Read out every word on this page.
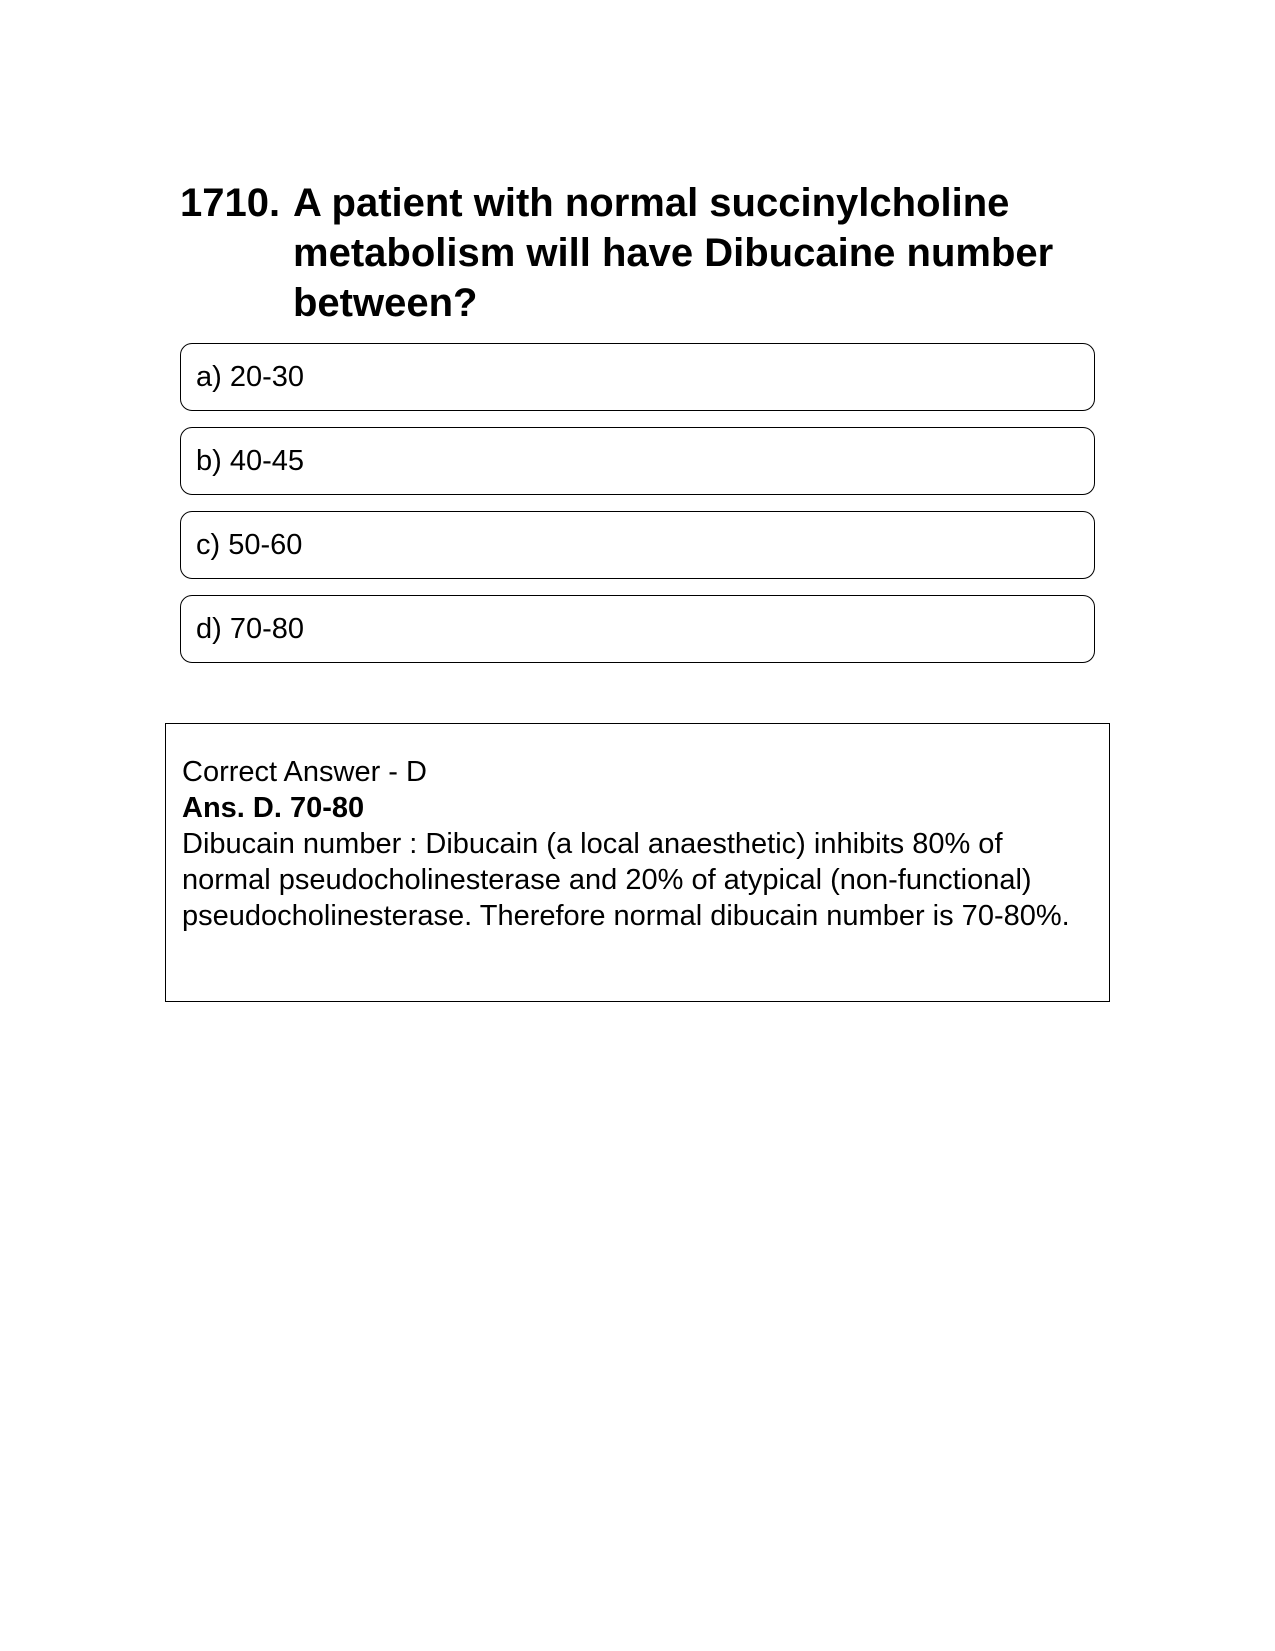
1710. A patient with normal succinylcholine metabolism will have Dibucaine number between?
a) 20-30
b) 40-45
c) 50-60
d) 70-80
Correct Answer - D
Ans. D. 70-80
Dibucain number : Dibucain (a local anaesthetic) inhibits 80% of normal pseudocholinesterase and 20% of atypical (non-functional) pseudocholinesterase. Therefore normal dibucain number is 70-80%.
